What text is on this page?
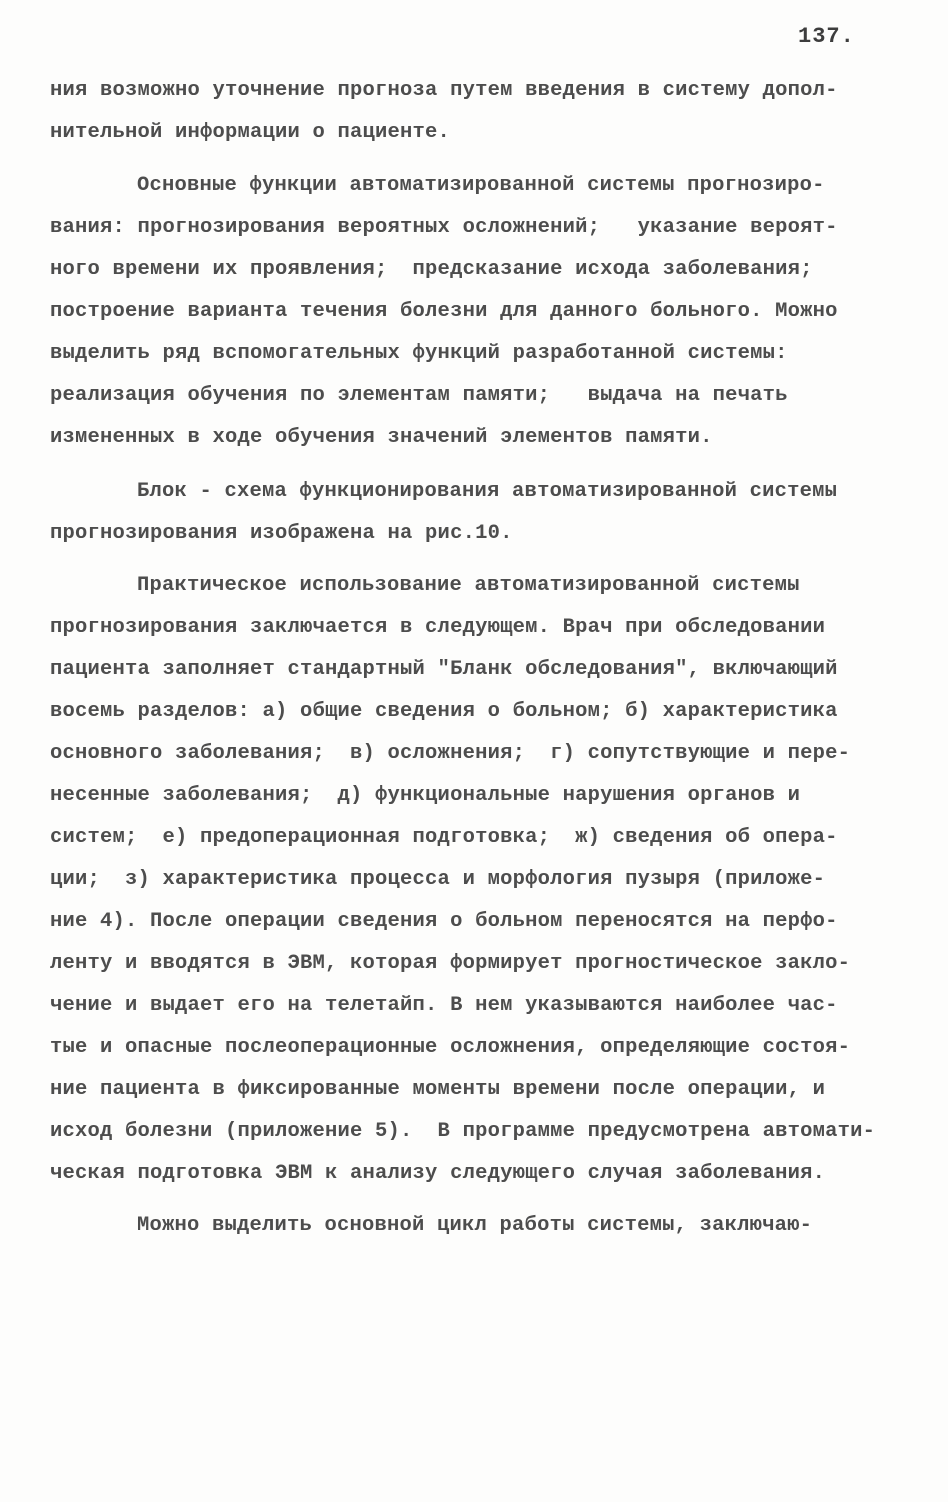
137.
ния возможно уточнение прогноза путем введения в систему допол-
нительной информации о пациенте.
Основные функции автоматизированной системы прогнозиро-
вания: прогнозирования вероятных осложнений;   указание вероят-
ного времени их проявления;  предсказание исхода заболевания;
построение варианта течения болезни для данного больного. Можно
выделить ряд вспомогательных функций разработанной системы:
реализация обучения по элементам памяти;   выдача на печать
измененных в ходе обучения значений элементов памяти.
Блок - схема функционирования автоматизированной системы
прогнозирования изображена на рис.10.
Практическое использование автоматизированной системы
прогнозирования заключается в следующем. Врач при обследовании
пациента заполняет стандартный "Бланк обследования", включающий
восемь разделов: а) общие сведения о больном; б) характеристика
основного заболевания;  в) осложнения;  г) сопутствующие и пере-
несенные заболевания;  д) функциональные нарушения органов и
систем;  е) предоперационная подготовка;  ж) сведения об опера-
ции;  з) характеристика процесса и морфология пузыря (приложе-
ние 4). После операции сведения о больном переносятся на перфо-
ленту и вводятся в ЭВМ, которая формирует прогностическое закло-
чение и выдает его на телетайп. В нем указываются наиболее час-
тые и опасные послеоперационные осложнения, определяющие состоя-
ние пациента в фиксированные моменты времени после операции, и
исход болезни (приложение 5).  В программе предусмотрена автомати-
ческая подготовка ЭВМ к анализу следующего случая заболевания.
Можно выделить основной цикл работы системы, заключаю-
